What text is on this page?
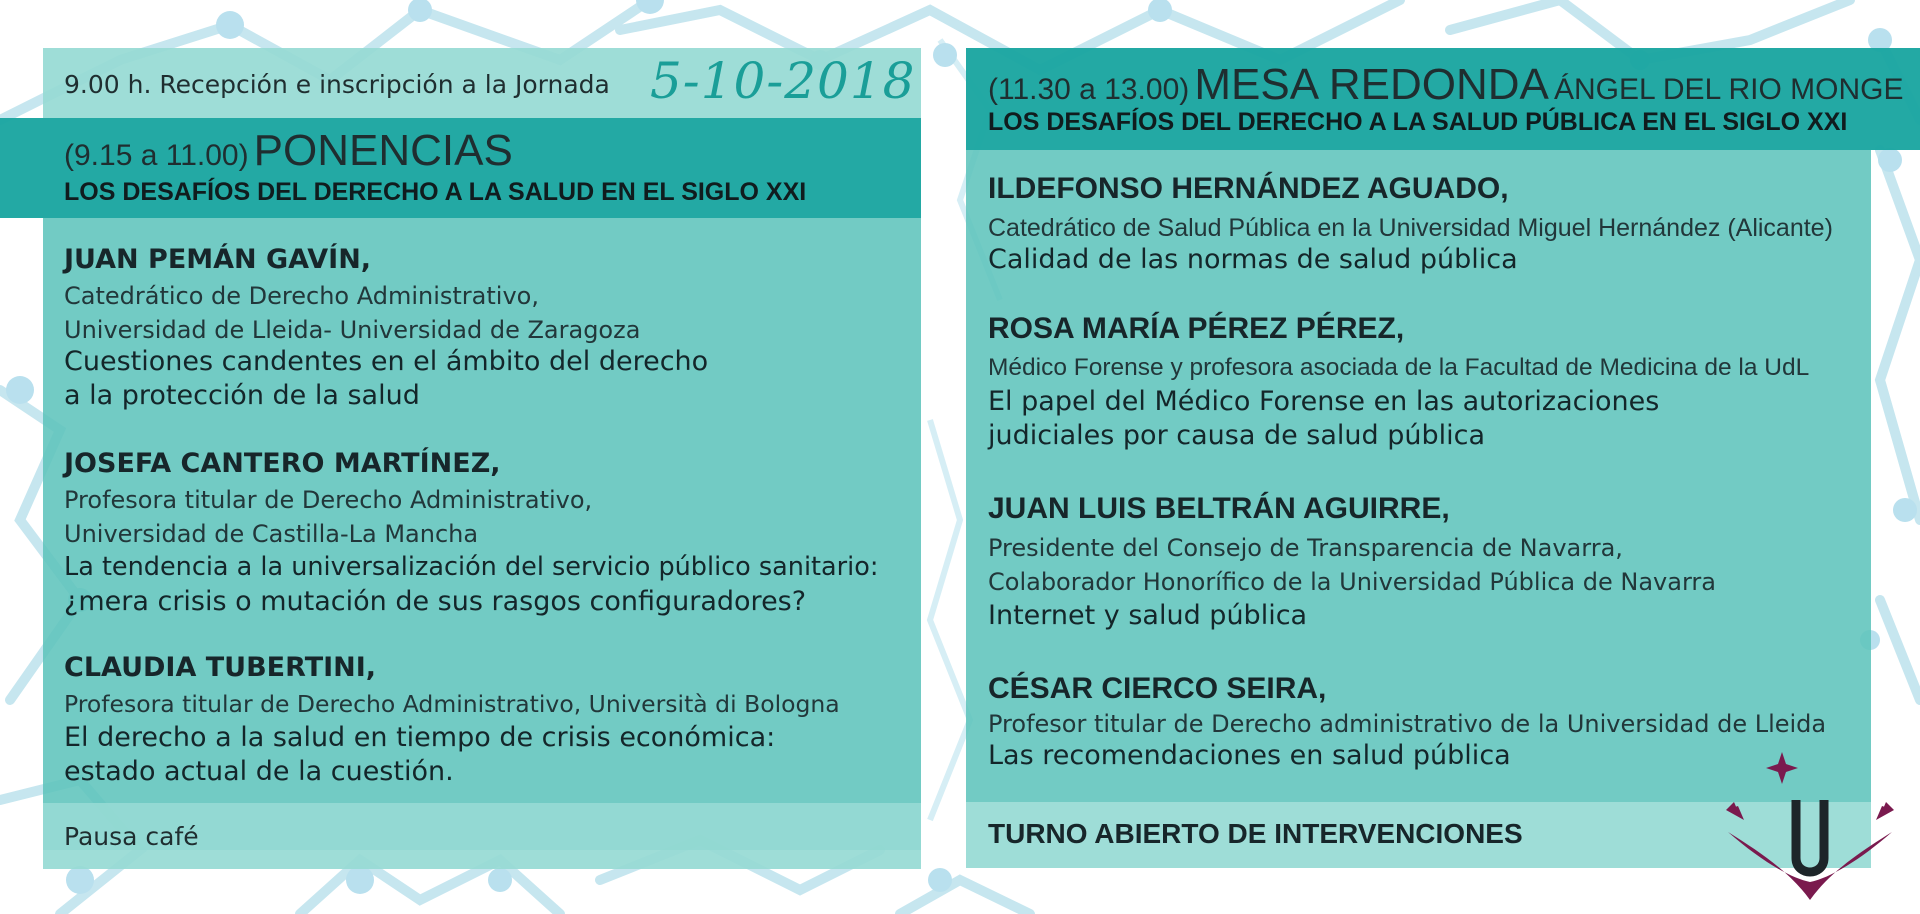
9.00 h. Recepción e inscripción a la Jornada 5-10-2018
JUAN PEMÁN GAVÍN,
Catedrático de Derecho Administrativo,
Universidad de Lleida- Universidad de Zaragoza
Cuestiones candentes en el ámbito del derecho
a la protección de la salud
JOSEFA CANTERO MARTÍNEZ,
Profesora titular de Derecho Administrativo,
Universidad de Castilla-La Mancha
La tendencia a la universalización del servicio público sanitario:
¿mera crisis o mutación de sus rasgos configuradores?
CLAUDIA TUBERTINI,
Profesora titular de Derecho Administrativo, Università di Bologna
El derecho a la salud en tiempo de crisis económica:
estado actual de la cuestión.
Pausa café
(9.15 a 11.00) PONENCIAS
LOS DESAFÍOS DEL DERECHO A LA SALUD EN EL SIGLO XXI
(11.30 a 13.00) MESA REDONDA ÁNGEL DEL RIO MONGE
LOS DESAFÍOS DEL DERECHO A LA SALUD PÚBLICA EN EL SIGLO XXI
ILDEFONSO HERNÁNDEZ AGUADO,
Catedrático de Salud Pública en la Universidad Miguel Hernández (Alicante)
Calidad de las normas de salud pública
ROSA MARÍA PÉREZ PÉREZ,
Médico Forense y profesora asociada de la Facultad de Medicina de la UdL
El papel del Médico Forense en las autorizaciones
judiciales por causa de salud pública
JUAN LUIS BELTRÁN AGUIRRE,
Presidente del Consejo de Transparencia de Navarra,
Colaborador Honorífico de la Universidad Pública de Navarra
Internet y salud pública
CÉSAR CIERCO SEIRA,
Profesor titular de Derecho administrativo de la Universidad de Lleida
Las recomendaciones en salud pública
TURNO ABIERTO DE INTERVENCIONES
